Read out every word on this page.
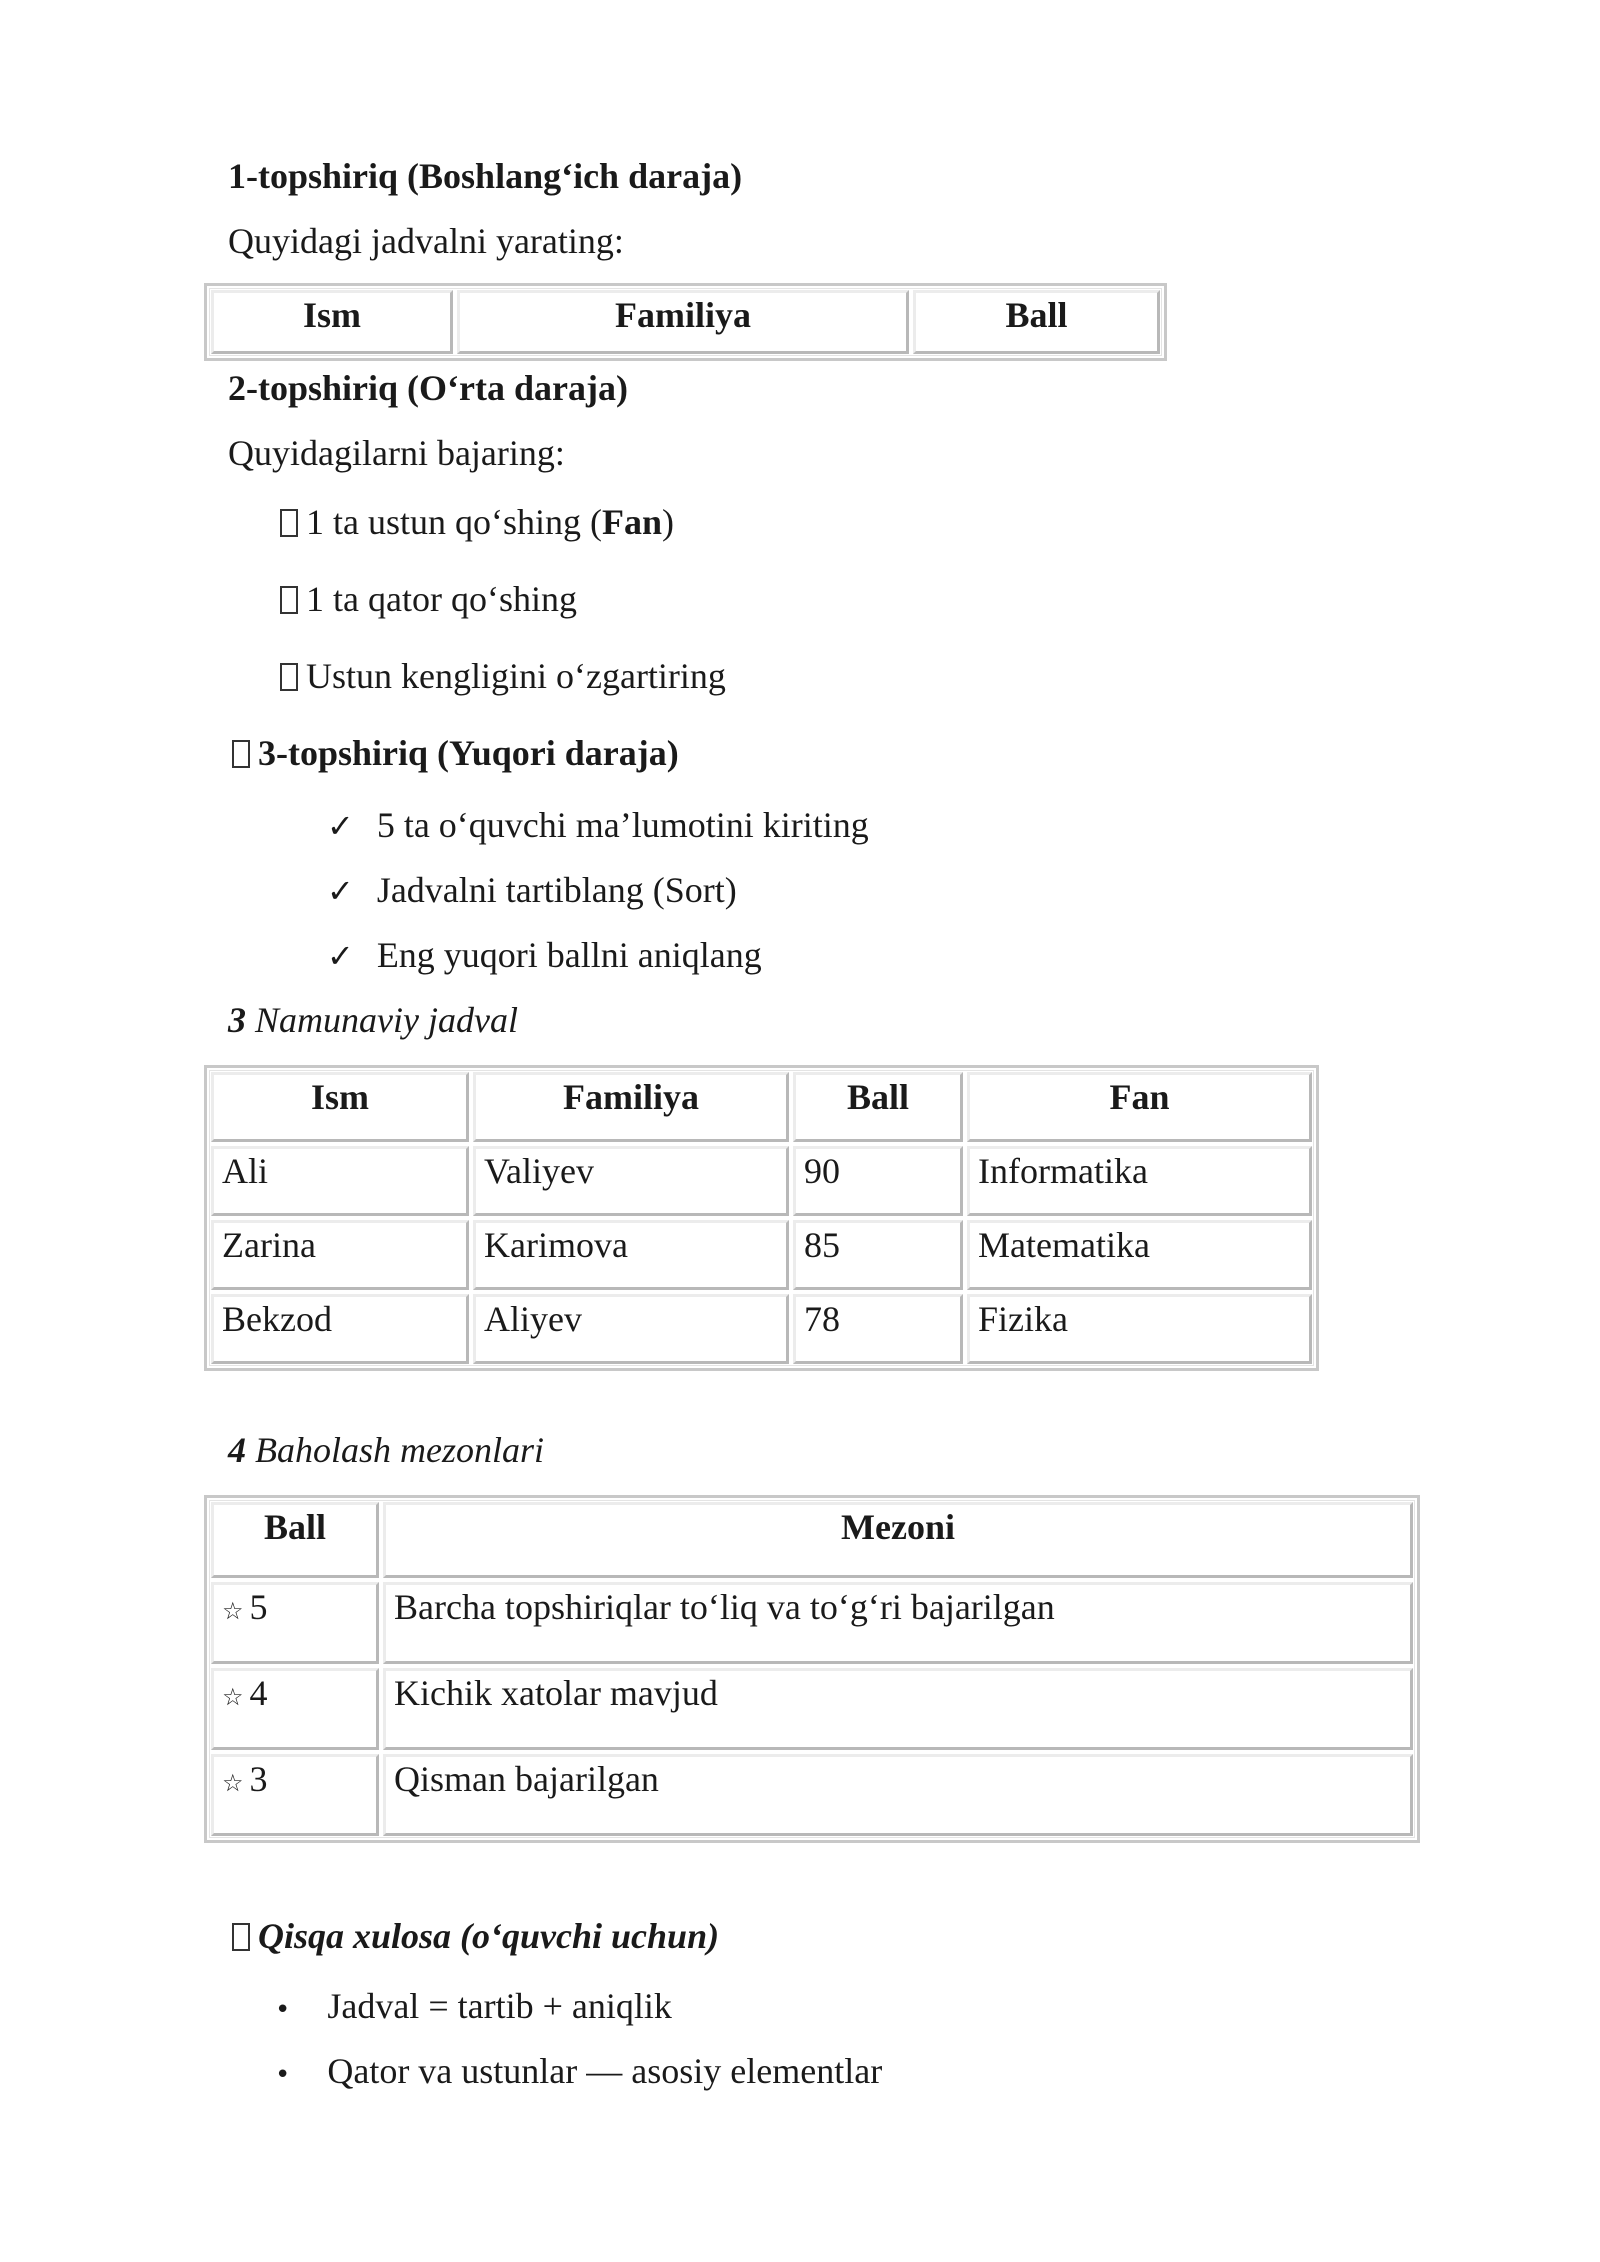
1-topshiriq (Boshlang‘ich daraja)
Quyidagi jadvalni yarating:
Ism	Familiya	Ball
2-topshiriq (O‘rta daraja)
Quyidagilarni bajaring:
1 ta ustun qo‘shing (Fan)
1 ta qator qo‘shing
Ustun kengligini o‘zgartiring
3-topshiriq (Yuqori daraja)
✓ 5 ta o‘quvchi ma’lumotini kiriting
✓ Jadvalni tartiblang (Sort)
✓ Eng yuqori ballni aniqlang
3 Namunaviy jadval
Ism	Familiya	Ball	Fan
Ali	Valiyev	90	Informatika
Zarina	Karimova	85	Matematika
Bekzod	Aliyev	78	Fizika
4 Baholash mezonlari
Ball	Mezoni
☆ 5	Barcha topshiriqlar to‘liq va to‘g‘ri bajarilgan
☆ 4	Kichik xatolar mavjud
☆ 3	Qisman bajarilgan
Qisqa xulosa (o‘quvchi uchun)
• Jadval = tartib + aniqlik
• Qator va ustunlar — asosiy elementlar
